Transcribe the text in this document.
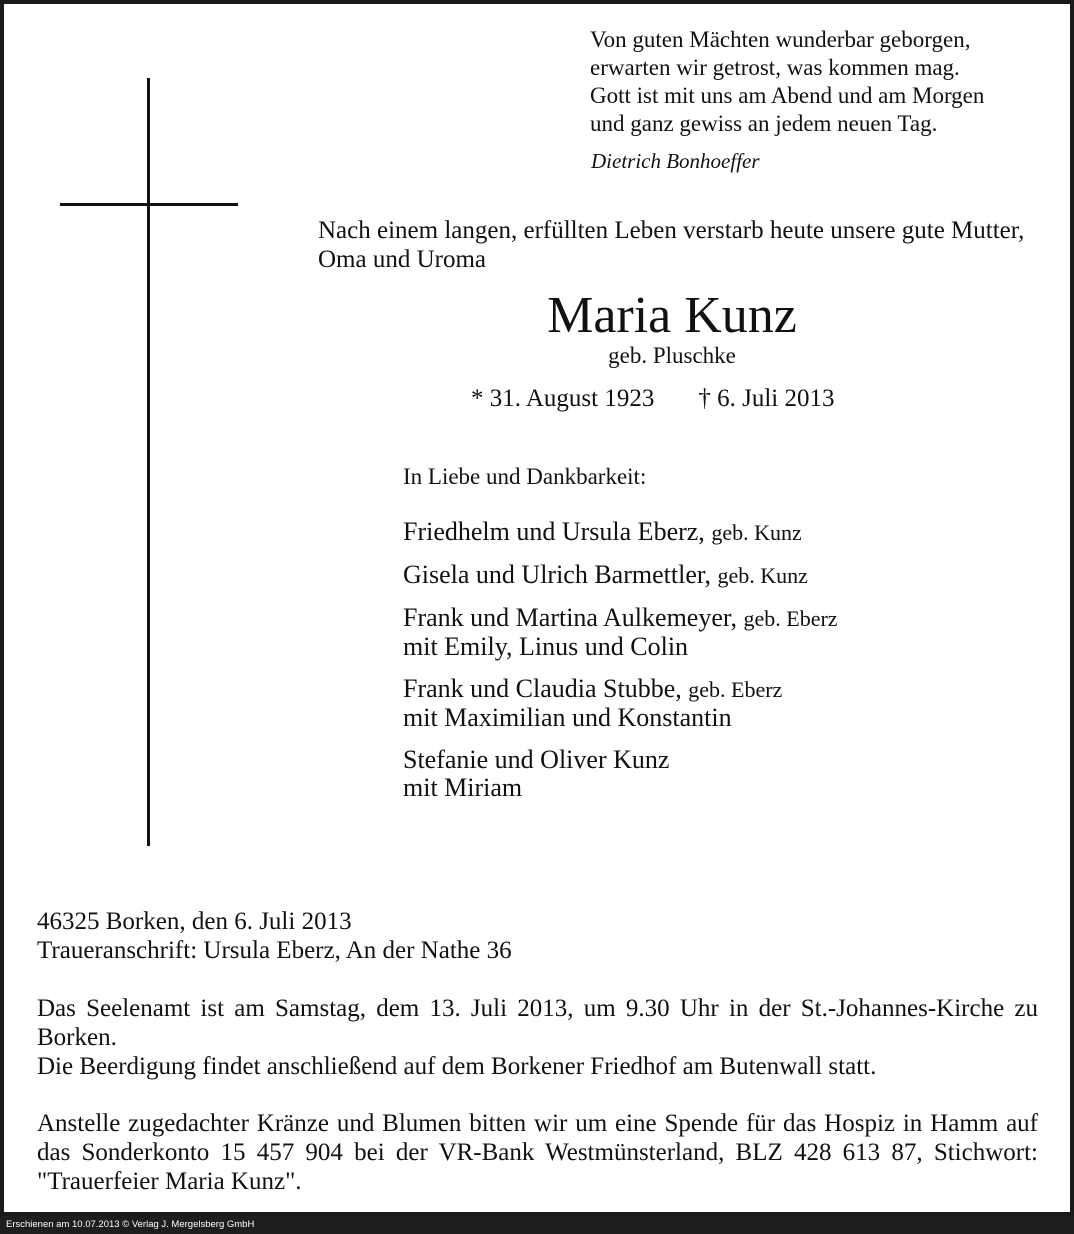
Von guten Mächten wunderbar geborgen,
erwarten wir getrost, was kommen mag.
Gott ist mit uns am Abend und am Morgen
und ganz gewiss an jedem neuen Tag.
Dietrich Bonhoeffer
Nach einem langen, erfüllten Leben verstarb heute unsere gute Mutter, Oma und Uroma
Maria Kunz
geb. Pluschke
* 31. August 1923 † 6. Juli 2013
In Liebe und Dankbarkeit:
Friedhelm und Ursula Eberz, geb. Kunz
Gisela und Ulrich Barmettler, geb. Kunz
Frank und Martina Aulkemeyer, geb. Eberz
mit Emily, Linus und Colin
Frank und Claudia Stubbe, geb. Eberz
mit Maximilian und Konstantin
Stefanie und Oliver Kunz
mit Miriam
46325 Borken, den 6. Juli 2013
Traueranschrift: Ursula Eberz, An der Nathe 36

Das Seelenamt ist am Samstag, dem 13. Juli 2013, um 9.30 Uhr in der St.-Johannes-Kirche zu Borken.

Die Beerdigung findet anschließend auf dem Borkener Friedhof am Butenwall statt.

Anstelle zugedachter Kränze und Blumen bitten wir um eine Spende für das Hospiz in Hamm auf das Sonderkonto 15 457 904 bei der VR-Bank Westmünsterland, BLZ 428 613 87, Stichwort: "Trauerfeier Maria Kunz".
Erschienen am 10.07.2013 © Verlag J. Mergelsberg GmbH
